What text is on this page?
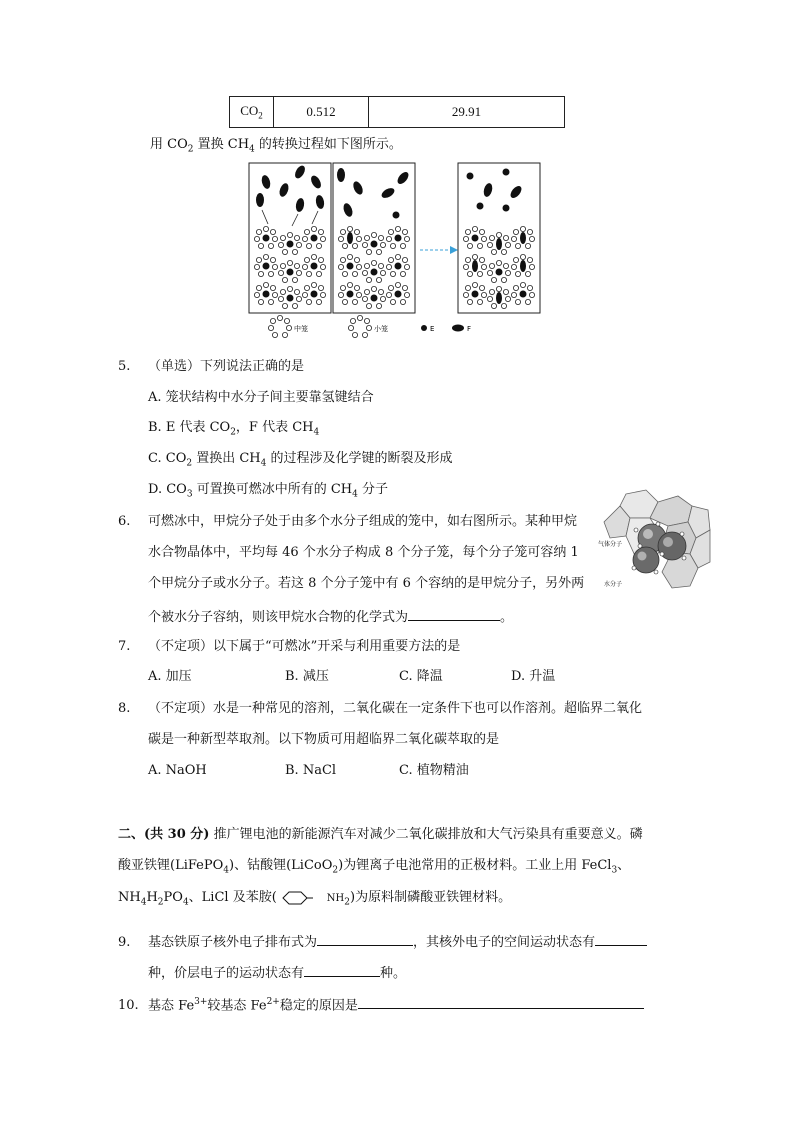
$CO_2$	0.512	29.91
用 $CO_2$ 置换 $CH_4$ 的转换过程如下图所示。
中笼	小笼	E	F
5. （单选）下列说法正确的是
A. 笼状结构中水分子间主要靠氢键结合
B. E 代表 $CO_2$，F 代表 $CH_4$
C. $CO_2$ 置换出 $CH_4$ 的过程涉及化学键的断裂及形成
D. $CO_3$ 可置换可燃冰中所有的 $CH_4$ 分子
6. 可燃冰中，甲烷分子处于由多个水分子组成的笼中，如右图所示。某种甲烷
水合物晶体中，平均每 46 个水分子构成 8 个分子笼，每个分子笼可容纳 1
个甲烷分子或水分子。若这 8 个分子笼中有 6 个容纳的是甲烷分子，另外两
个被水分子容纳，则该甲烷水合物的化学式为	。
气体分子
水分子
7. （不定项）以下属于“可燃冰”开采与利用重要方法的是
A. 加压	B. 减压	C. 降温	D. 升温
8. （不定项）水是一种常见的溶剂，二氧化碳在一定条件下也可以作溶剂。超临界二氧化
碳是一种新型萃取剂。以下物质可用超临界二氧化碳萃取的是
A. NaOH	B. NaCl	C. 植物精油
二、(共 30 分) 推广锂电池的新能源汽车对减少二氧化碳排放和大气污染具有重要意义。磷
酸亚铁锂(LiFePO$_4$)、钴酸锂(LiCoO$_2$)为锂离子电池常用的正极材料。工业上用 FeCl$_3$、
$NH_4H_2PO_4$、LiCl 及苯胺(	$NH_2$)为原料制磷酸亚铁锂材料。
9. 基态铁原子核外电子排布式为	，其核外电子的空间运动状态有
种，价层电子的运动状态有	种。
10. 基态 $Fe^{3+}$较基态 $Fe^{2+}$稳定的原因是
